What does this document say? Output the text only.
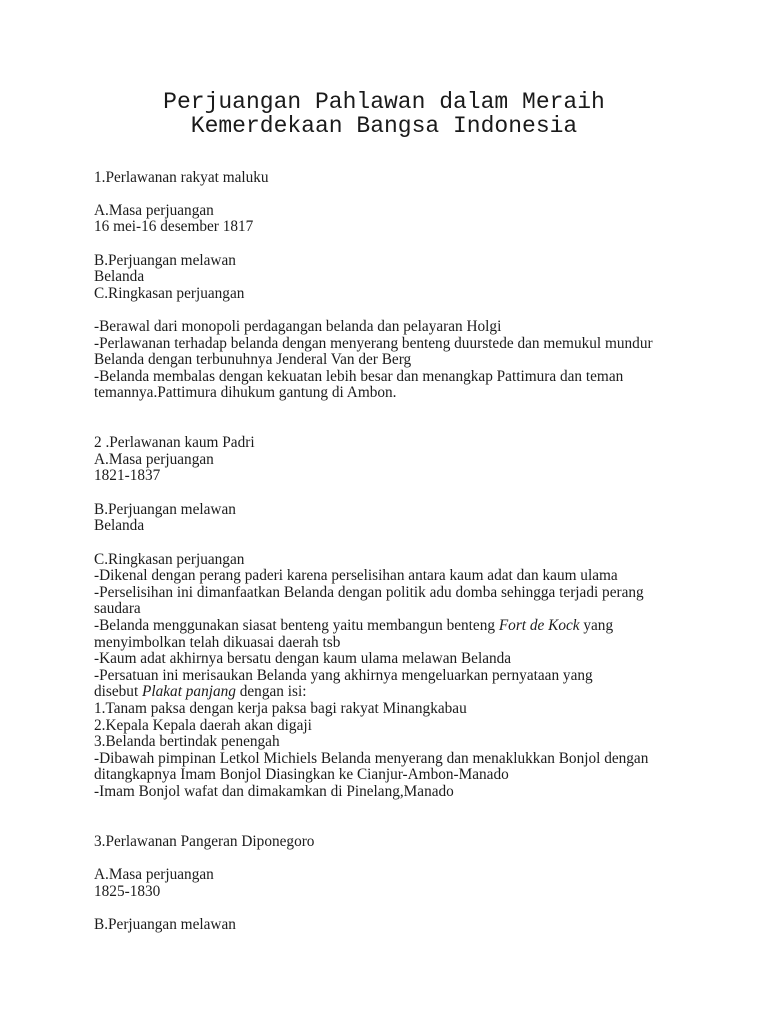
Perjuangan Pahlawan dalam Meraih
Kemerdekaan Bangsa Indonesia
1.Perlawanan rakyat maluku
A.Masa perjuangan
16 mei-16 desember 1817
B.Perjuangan melawan
Belanda
C.Ringkasan perjuangan
-Berawal dari monopoli perdagangan belanda dan pelayaran Holgi
-Perlawanan terhadap belanda dengan menyerang benteng duurstede dan memukul mundur
Belanda dengan terbunuhnya Jenderal Van der Berg
-Belanda membalas dengan kekuatan lebih besar dan menangkap Pattimura dan teman
temannya.Pattimura dihukum gantung di Ambon.
2 .Perlawanan kaum Padri
A.Masa perjuangan
1821-1837
B.Perjuangan melawan
Belanda
C.Ringkasan perjuangan
-Dikenal dengan perang paderi karena perselisihan antara kaum adat dan kaum ulama
-Perselisihan ini dimanfaatkan Belanda dengan politik adu domba sehingga terjadi perang
saudara
-Belanda menggunakan siasat benteng yaitu membangun benteng Fort de Kock yang
menyimbolkan telah dikuasai daerah tsb
-Kaum adat akhirnya bersatu dengan kaum ulama melawan Belanda
-Persatuan ini merisaukan Belanda yang akhirnya mengeluarkan pernyataan yang
disebut Plakat panjang dengan isi:
1.Tanam paksa dengan kerja paksa bagi rakyat Minangkabau
2.Kepala Kepala daerah akan digaji
3.Belanda bertindak penengah
-Dibawah pimpinan Letkol Michiels Belanda menyerang dan menaklukkan Bonjol dengan
ditangkapnya Imam Bonjol Diasingkan ke Cianjur-Ambon-Manado
-Imam Bonjol wafat dan dimakamkan di Pinelang,Manado
3.Perlawanan Pangeran Diponegoro
A.Masa perjuangan
1825-1830
B.Perjuangan melawan
